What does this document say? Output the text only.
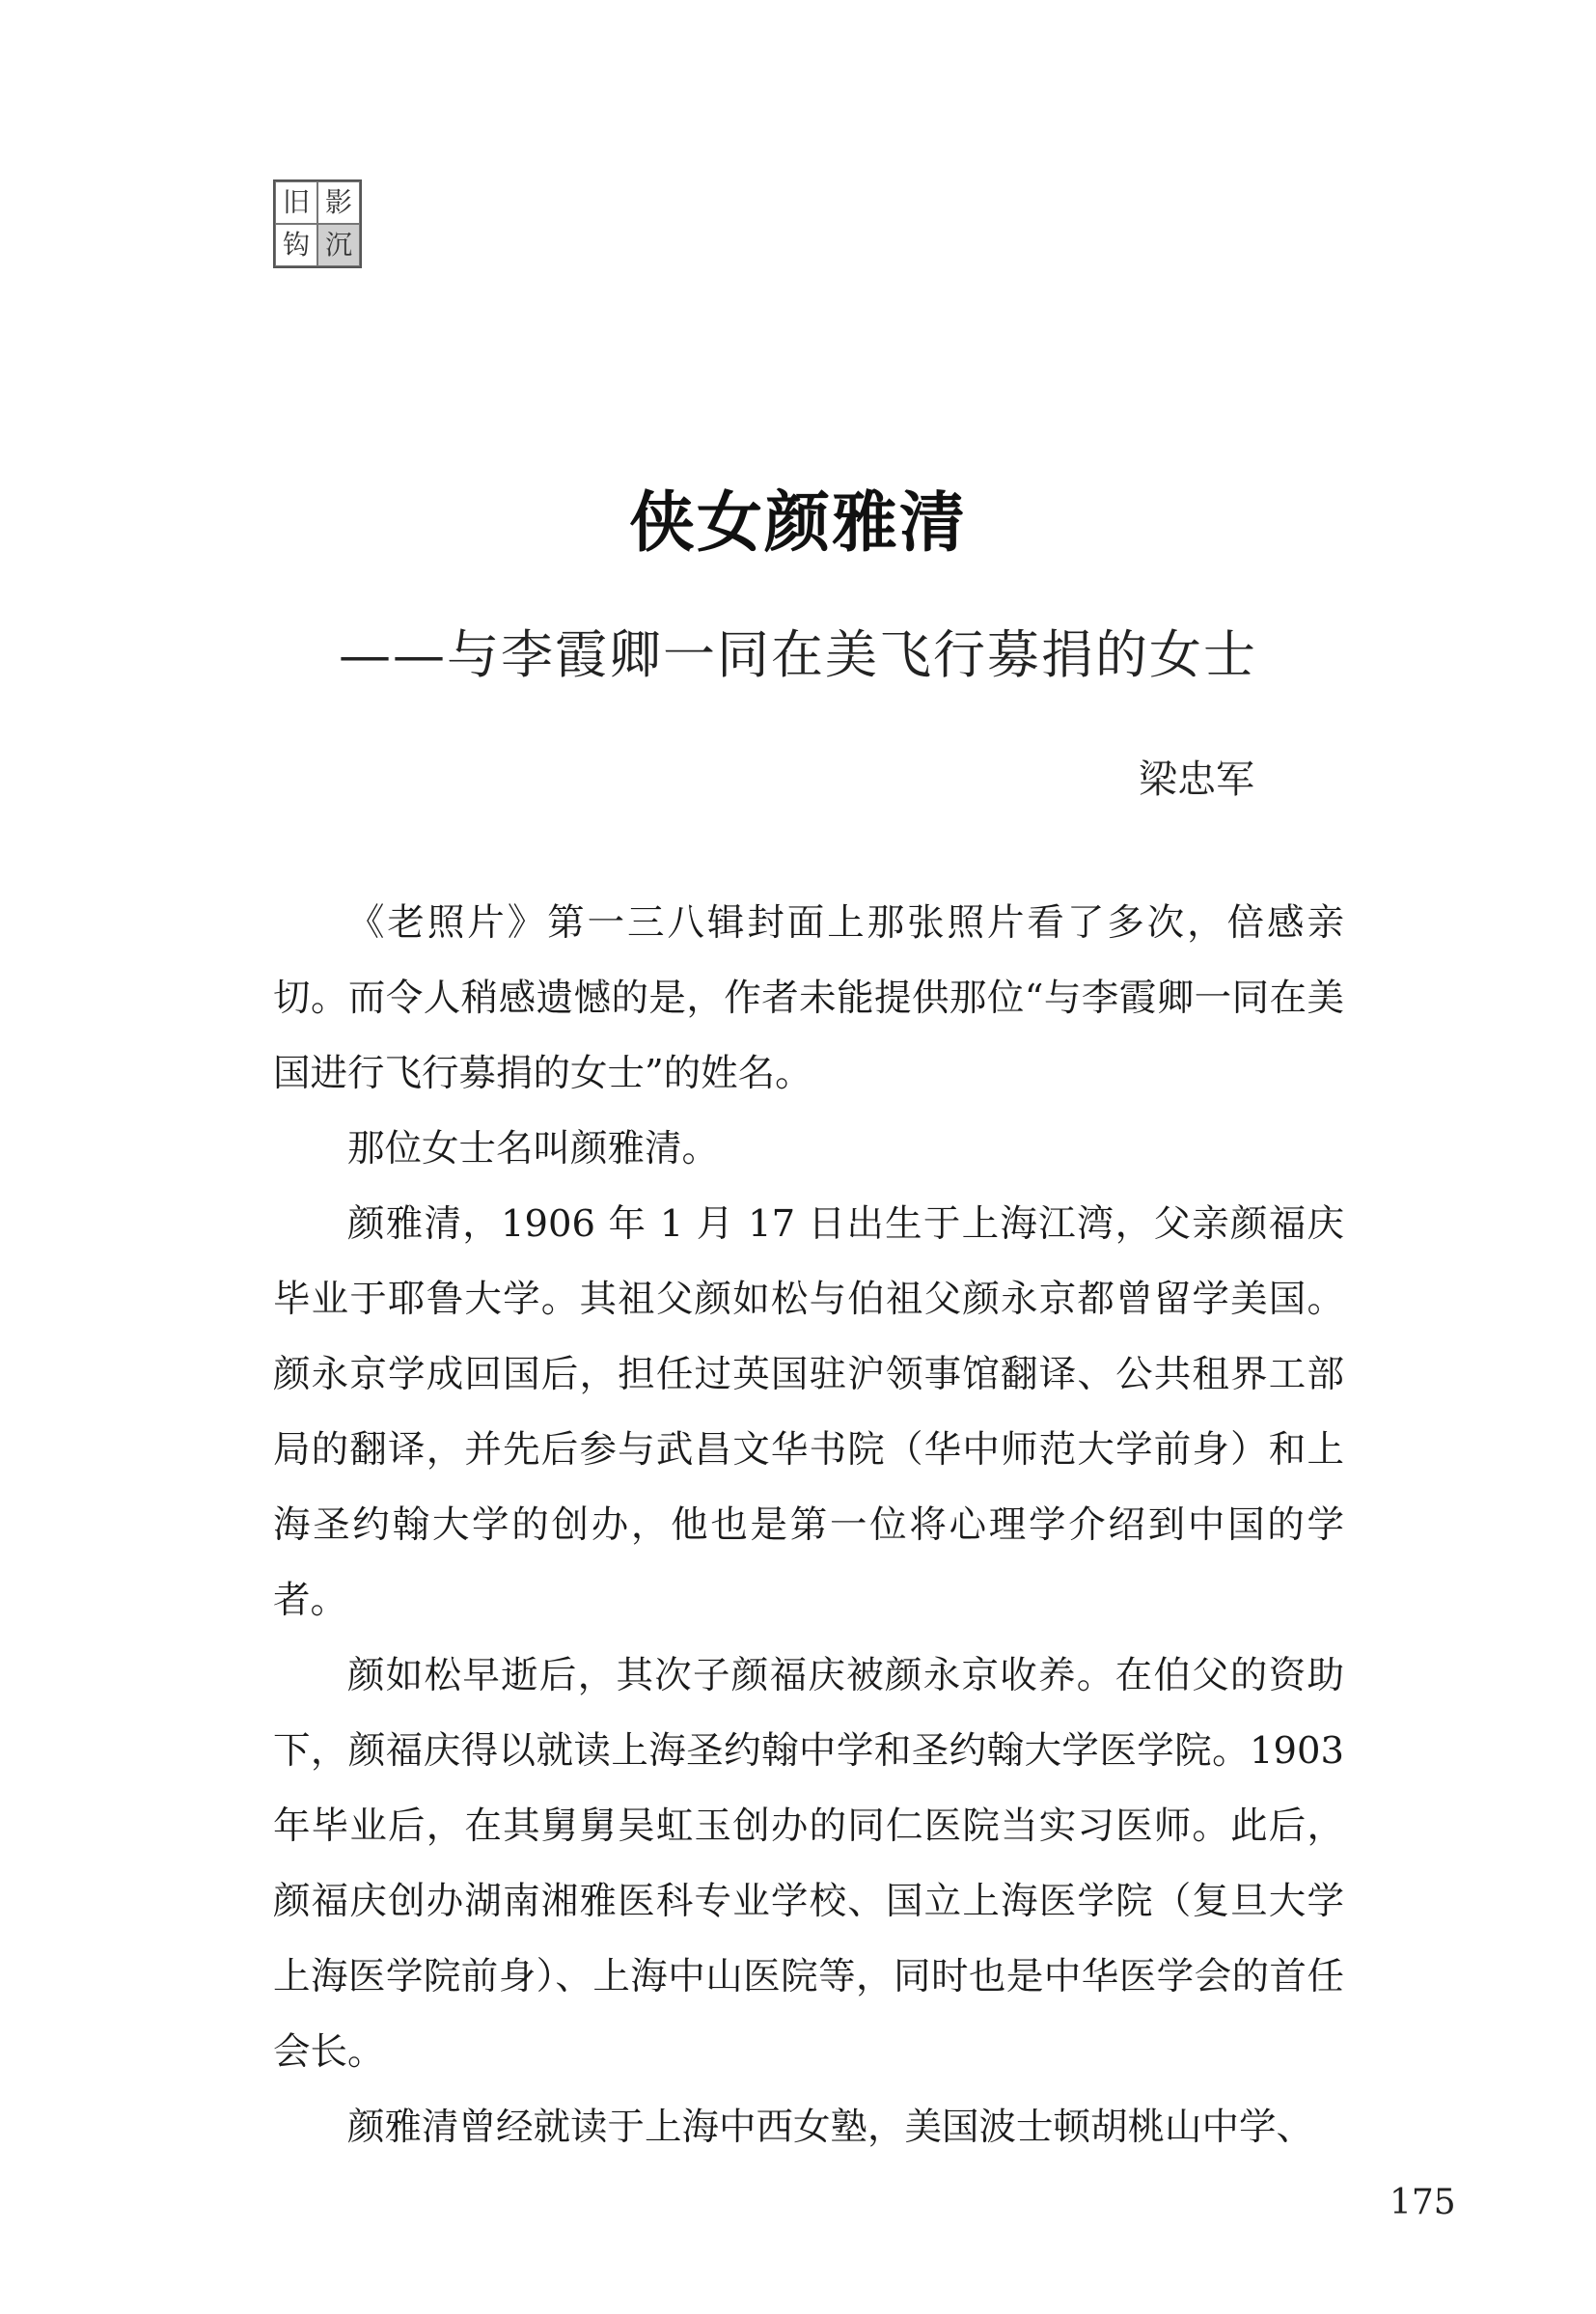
旧 影
钩 沉
侠女颜雅清
——与李霞卿一同在美飞行募捐的女士
梁忠军

《老照片》第一三八辑封面上那张照片看了多次，倍感亲切。而令人稍感遗憾的是，作者未能提供那位“与李霞卿一同在美国进行飞行募捐的女士”的姓名。

那位女士名叫颜雅清。

颜雅清，1906 年 1 月 17 日出生于上海江湾，父亲颜福庆毕业于耶鲁大学。其祖父颜如松与伯祖父颜永京都曾留学美国。颜永京学成回国后，担任过英国驻沪领事馆翻译、公共租界工部局的翻译，并先后参与武昌文华书院（华中师范大学前身）和上海圣约翰大学的创办，他也是第一位将心理学介绍到中国的学者。

颜如松早逝后，其次子颜福庆被颜永京收养。在伯父的资助下，颜福庆得以就读上海圣约翰中学和圣约翰大学医学院。1903 年毕业后，在其舅舅吴虹玉创办的同仁医院当实习医师。此后，颜福庆创办湖南湘雅医科专业学校、国立上海医学院（复旦大学上海医学院前身）、上海中山医院等，同时也是中华医学会的首任会长。

颜雅清曾经就读于上海中西女塾，美国波士顿胡桃山中学、

175
